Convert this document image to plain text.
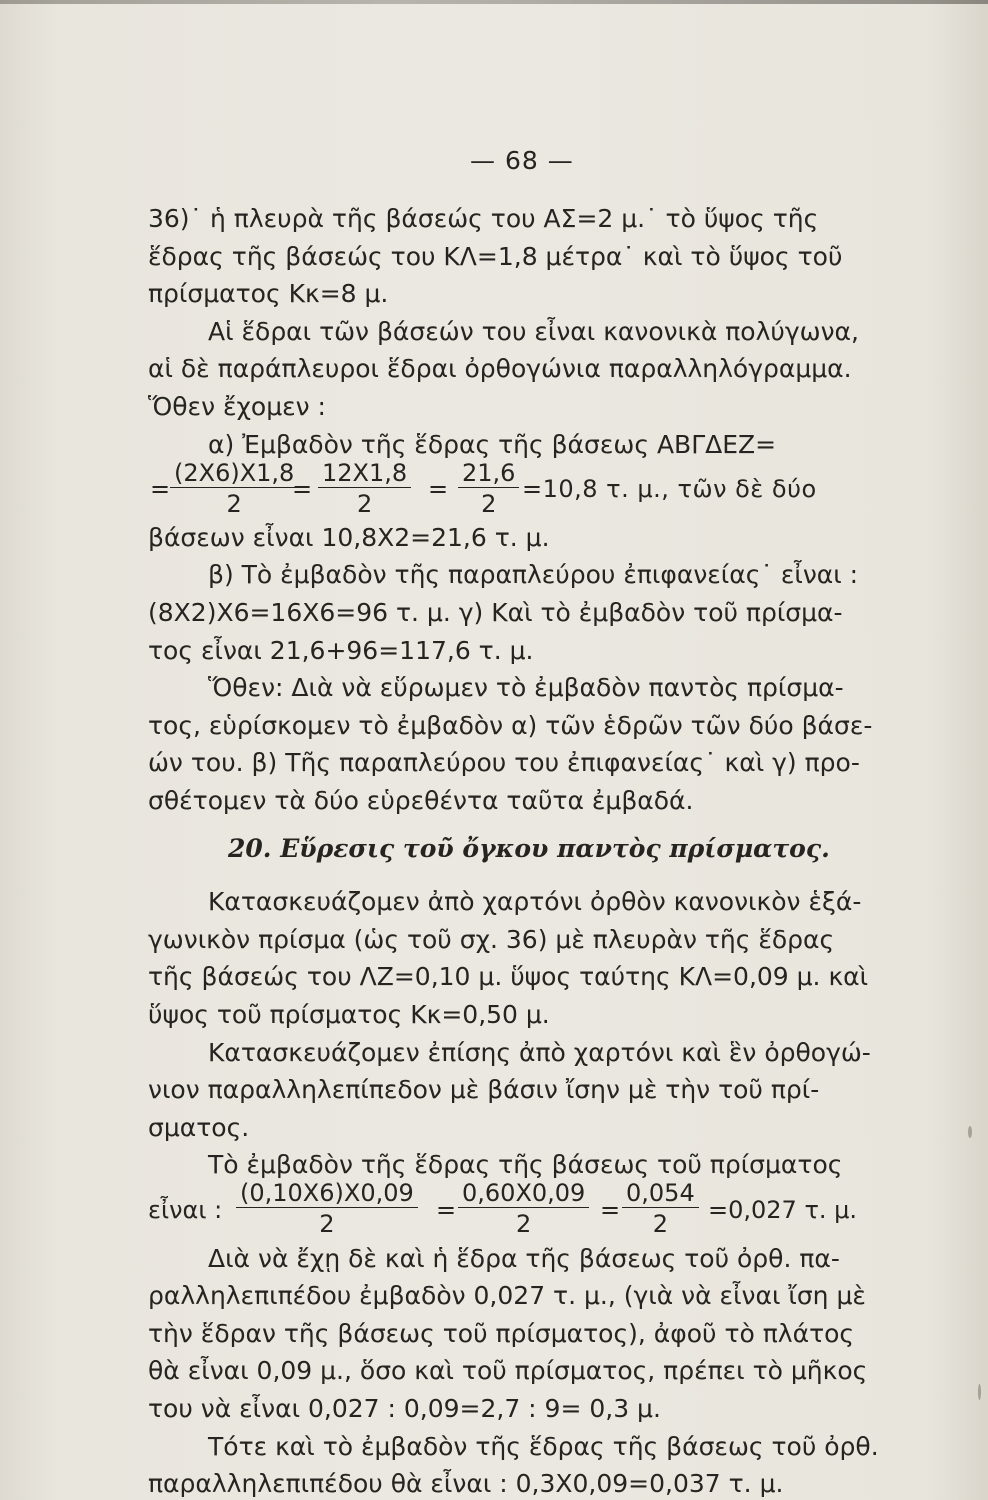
— 68 —
36)˙ ἡ πλευρὰ τῆς βάσεώς του ΑΣ=2 μ.˙ τὸ ὕψος τῆς
ἕδρας τῆς βάσεώς του ΚΛ=1,8 μέτρα˙ καὶ τὸ ὕψος τοῦ
πρίσματος Κκ=8 μ.
Αἱ ἕδραι τῶν βάσεών του εἶναι κανονικὰ πολύγωνα,
αἱ δὲ παράπλευροι ἕδραι ὀρθογώνια παραλληλόγραμμα.
Ὅθεν ἔχομεν :
α) Ἐμβαδὸν τῆς ἕδρας τῆς βάσεως ΑΒΓΔΕΖ=
= $\frac{(2X6)X1,8}{2}$
= $\frac{12X1,8}{2} = \frac{21,6}{2} =10,8$ τ. μ., τῶν δὲ δύο
βάσεων εἶναι 10,8X2=21,6 τ. μ.
β) Τὸ ἐμβαδὸν τῆς παραπλεύρου ἐπιφανείας˙ εἶναι :
(8X2)X6=16X6=96 τ. μ. γ) Καὶ τὸ ἐμβαδὸν τοῦ πρίσμα-
τος εἶναι 21,6+96=117,6 τ. μ.
Ὅθεν: Διὰ νὰ εὕρωμεν τὸ ἐμβαδὸν παντὸς πρίσμα-
τος, εὑρίσκομεν τὸ ἐμβαδὸν α) τῶν ἑδρῶν τῶν δύο βάσε-
ών του. β) Τῆς παραπλεύρου του ἐπιφανείας˙ καὶ γ) προ-
σθέτομεν τὰ δύο εὑρεθέντα ταῦτα ἐμβαδά.
20. Εὕρεσις τοῦ ὄγκου παντὸς πρίσματος.
Κατασκευάζομεν ἀπὸ χαρτόνι ὀρθὸν κανονικὸν ἑξά-
γωνικὸν πρίσμα (ὡς τοῦ σχ. 36) μὲ πλευρὰν τῆς ἕδρας
τῆς βάσεώς του ΛΖ=0,10 μ. ὕψος ταύτης ΚΛ=0,09 μ. καὶ
ὕψος τοῦ πρίσματος Κκ=0,50 μ.
Κατασκευάζομεν ἐπίσης ἀπὸ χαρτόνι καὶ ἓν ὀρθογώ-
νιον παραλληλεπίπεδον μὲ βάσιν ἴσην μὲ τὴν τοῦ πρί-
σματος.
Τὸ ἐμβαδὸν τῆς ἕδρας τῆς βάσεως τοῦ πρίσματος
εἶναι : $\frac{(0,10X6)X0,09}{2} = \frac{0,60X0,09}{2} = \frac{0,054}{2} =0,027$ τ. μ.
Διὰ νὰ ἔχῃ δὲ καὶ ἡ ἕδρα τῆς βάσεως τοῦ ὀρθ. πα-
ραλληλεπιπέδου ἐμβαδὸν 0,027 τ. μ., (γιὰ νὰ εἶναι ἴση μὲ
τὴν ἕδραν τῆς βάσεως τοῦ πρίσματος), ἀφοῦ τὸ πλάτος
θὰ εἶναι 0,09 μ., ὅσο καὶ τοῦ πρίσματος, πρέπει τὸ μῆκος
του νὰ εἶναι 0,027 : 0,09=2,7 : 9= 0,3 μ.
Τότε καὶ τὸ ἐμβαδὸν τῆς ἕδρας τῆς βάσεως τοῦ ὀρθ.
παραλληλεπιπέδου θὰ εἶναι : 0,3X0,09=0,037 τ. μ.
